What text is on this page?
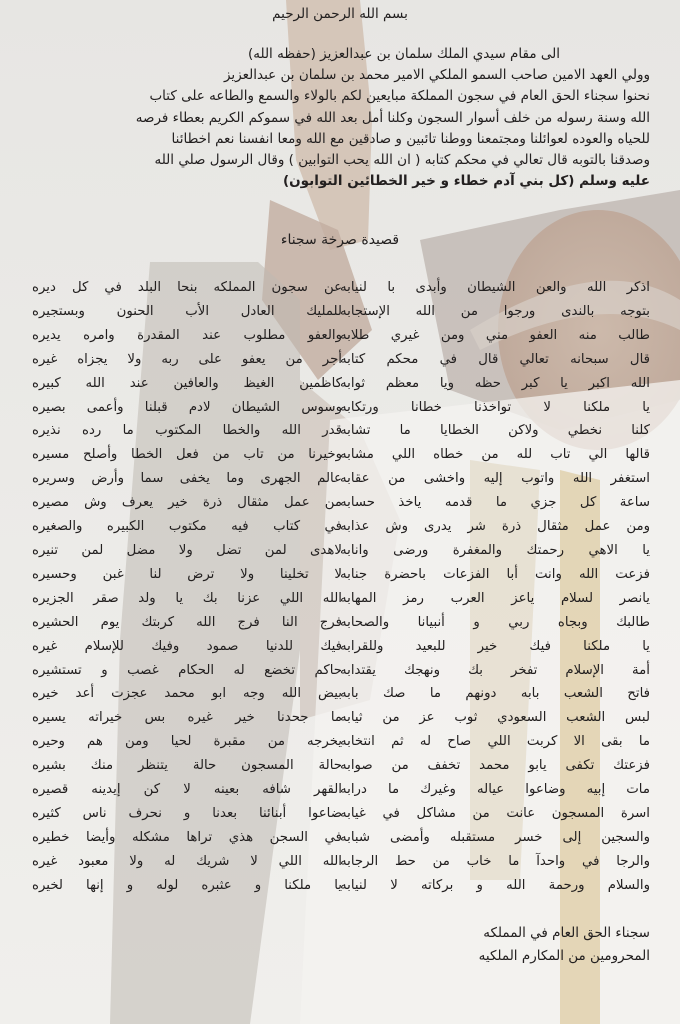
بسم الله الرحمن الرحيم

الى مقام سيدي الملك سلمان بن عبدالعزيز (حفظه الله)

وولي العهد الامين صاحب السمو الملكي الامير محمد بن سلمان بن عبدالعزيز

نحنوا سجناء الحق العام في سجون المملكة مبايعين لكم بالولاء والسمع والطاعه على كتاب

الله وسنة رسوله من خلف أسوار السجون وكلنا أمل بعد الله في سموكم الكريم بعطاء فرصه

للحياه والعوده لعوائلنا ومجتمعنا ووطنا تائبين و صادقين مع الله ومعا انفسنا نعم اخطائنا

وصدقنا بالتوبه قال تعالي في محكم كتابه ( ان الله يحب التوابين ) وقال الرسول صلي الله

عليه وسلم (كل بني آدم خطاء و خير الخطائين التوابون)

قصيدة صرخة سجناء

اذكر الله والعن الشيطان وأبدى با لنيابه

بتوجه بالندى ورجوا من الله الإستجابه

طالب منه العفو مني ومن غيري طلابه

قال سبحانه تعالي قال في محكم كتابه

الله اكبر يا كبر حظه ويا معظم ثوابه

يا ملكنا لا تواخذنا خطانا ورتكابه

كلنا نخطي ولاكن الخطايا ما تشابه

قالها الي تاب لله من خطاه اللي مشابه

استغفر الله واتوب إليه واخشى من عقابه

ساعة كل جزي ما قدمه ياخذ حسابه

ومن عمل مثقال ذرة شر يدرى وش عذابه

يا الاهي رحمتك والمغفرة ورضى وانابه

فزعت الله وانت أبا الفزعات باحضرة جنابه

يانصر لسلام ياعز العرب رمز المهابه

طالبك وبجاه ربي و أنبيانا والصحابه

يا ملكنا فيك خير للبعيد وللقرابه

أمة الإسلام تفخر بك ونهجك يقتدابه

فاتح الشعب بابه دونهم ما صك بابه

لبس الشعب السعودي ثوب عز من ثيابه

ما بقى الا كربت اللي صاح له ثم انتخابه

فزعتك تكفى يابو محمد تخفف من صوابه

مات إبيه وضاعوا عياله وغيرك ما درابه

اسرة المسجون عانت من مشاكل في غيابه

والسجين إلى خسر مستقبله وأمضى شبابه

والرجا في واحدآ ما خاب من حط الرجابه

والسلام ورحمة الله و بركاته لا لنيابه

عن سجون المملكه بنحا البلد في كل ديره

للمليك العادل الأب الحنون وبستجيره

والعفو مطلوب عند المقدرة وامره يديره

أجر من يعفو على ربه ولا يجزاه غيره

كاظمين الغيظ والعافين عند الله كبيره

وسوس الشيطان لادم قبلنا وأعمى بصيره

قدر الله والخطا المكتوب ما رده نذيره

وخيرنا من تاب من فعل الخطا وأصلح مسيره

عالم الجهرى وما يخفى سما وأرض وسريره

من عمل مثقال ذرة خير يعرف وش مصيره

في كتاب فيه مكتوب الكبيره والصغيره

لاهدى لمن تضل ولا مضل لمن تنيره

لا تخلينا ولا ترض لنا غبن وحسيره

الله اللي عزنا بك يا ولد صقر الجزيره

فرج النا فرج الله كربتك يوم الحشيره

فيك للدنيا صمود وفيك للإسلام غيره

حاكم تخضع له الحكام غصب و تستشيره

بيض الله وجه ابو محمد عجزت أعد خيره

ما جحدنا خير غيره بس خيراته يسيره

يخرجه من مقبرة لحيا ومن هم وحيره

حالة المسجون حالة يتنظر منك بشيره

القهر شافه بعينه لا كن إيدينه قصيره

ضاعوا أبنائنا بعدنا و نحرف ناس كثيره

في السجن هذي تراها مشكله وأيضا خطيره

الله اللي لا شريك له ولا معبود غيره

يا ملكنا و عثبره لوله و إنها لخيره

سجناء الحق العام في المملكه

المحرومين من المكارم الملكيه
